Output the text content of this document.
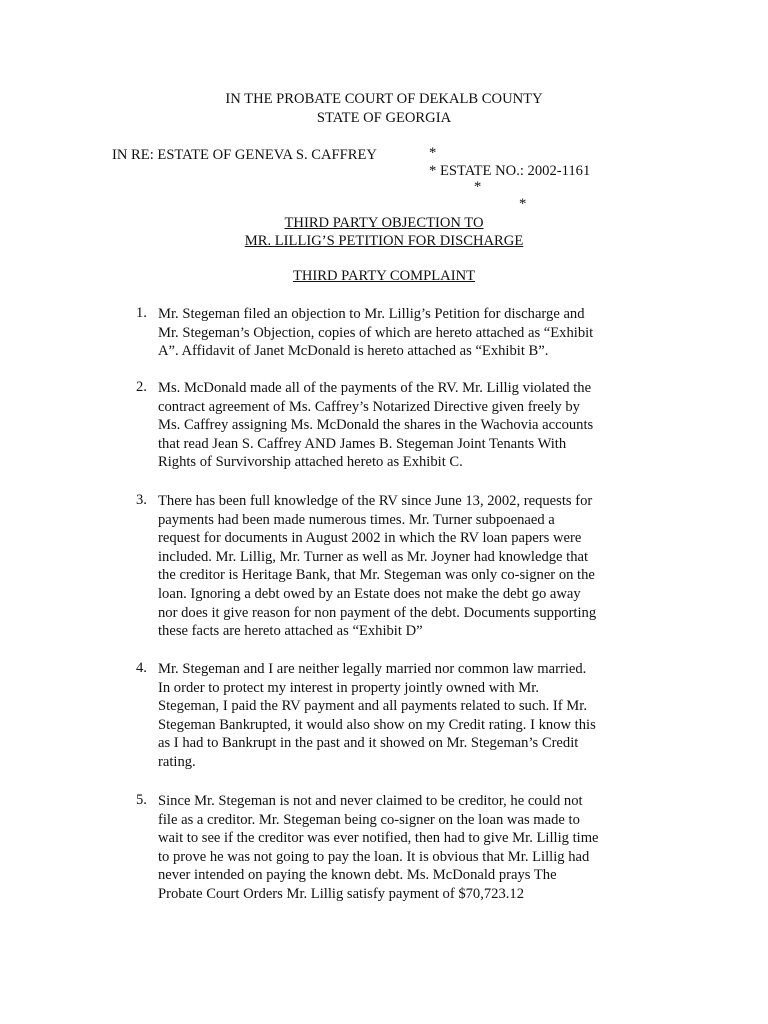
IN THE PROBATE COURT OF DEKALB COUNTY
STATE OF GEORGIA
IN RE: ESTATE OF GENEVA S. CAFFREY	*
* ESTATE NO.: 2002-1161
*
*
THIRD PARTY OBJECTION TO
MR. LILLIG’S PETITION FOR DISCHARGE
THIRD PARTY COMPLAINT
1. Mr. Stegeman filed an objection to Mr. Lillig’s Petition for discharge and
Mr. Stegeman’s Objection, copies of which are hereto attached as “Exhibit
A”. Affidavit of Janet McDonald is hereto attached as “Exhibit B”.
2. Ms. McDonald made all of the payments of the RV. Mr. Lillig violated the
contract agreement of Ms. Caffrey’s Notarized Directive given freely by
Ms. Caffrey assigning Ms. McDonald the shares in the Wachovia accounts
that read Jean S. Caffrey AND James B. Stegeman Joint Tenants With
Rights of Survivorship attached hereto as Exhibit C.
3. There has been full knowledge of the RV since June 13, 2002, requests for
payments had been made numerous times. Mr. Turner subpoenaed a
request for documents in August 2002 in which the RV loan papers were
included. Mr. Lillig, Mr. Turner as well as Mr. Joyner had knowledge that
the creditor is Heritage Bank, that Mr. Stegeman was only co-signer on the
loan. Ignoring a debt owed by an Estate does not make the debt go away
nor does it give reason for non payment of the debt. Documents supporting
these facts are hereto attached as “Exhibit D”
4. Mr. Stegeman and I are neither legally married nor common law married.
In order to protect my interest in property jointly owned with Mr.
Stegeman, I paid the RV payment and all payments related to such. If Mr.
Stegeman Bankrupted, it would also show on my Credit rating. I know this
as I had to Bankrupt in the past and it showed on Mr. Stegeman’s Credit
rating.
5. Since Mr. Stegeman is not and never claimed to be creditor, he could not
file as a creditor. Mr. Stegeman being co-signer on the loan was made to
wait to see if the creditor was ever notified, then had to give Mr. Lillig time
to prove he was not going to pay the loan. It is obvious that Mr. Lillig had
never intended on paying the known debt. Ms. McDonald prays The
Probate Court Orders Mr. Lillig satisfy payment of $70,723.12
